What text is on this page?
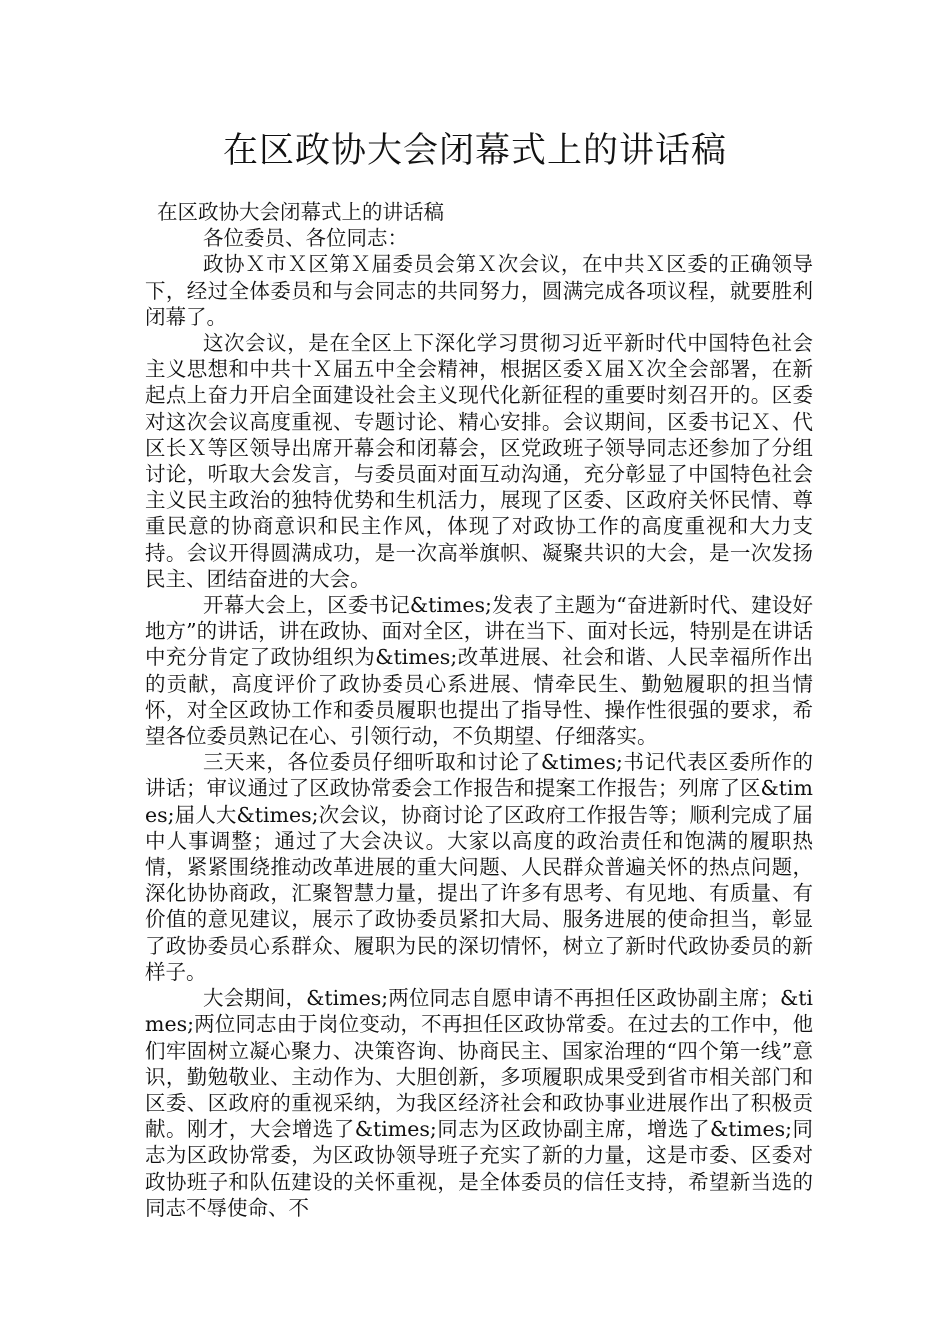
在区政协大会闭幕式上的讲话稿

在区政协大会闭幕式上的讲话稿

各位委员、各位同志：

政协Ｘ市Ｘ区第Ｘ届委员会第Ｘ次会议，在中共Ｘ区委的正确领导下，经过全体委员和与会同志的共同努力，圆满完成各项议程，就要胜利闭幕了。

这次会议，是在全区上下深化学习贯彻习近平新时代中国特色社会主义思想和中共十Ｘ届五中全会精神，根据区委Ｘ届Ｘ次全会部署，在新起点上奋力开启全面建设社会主义现代化新征程的重要时刻召开的。区委对这次会议高度重视、专题讨论、精心安排。会议期间，区委书记Ｘ、代区长Ｘ等区领导出席开幕会和闭幕会，区党政班子领导同志还参加了分组讨论，听取大会发言，与委员面对面互动沟通，充分彰显了中国特色社会主义民主政治的独特优势和生机活力，展现了区委、区政府关怀民情、尊重民意的协商意识和民主作风，体现了对政协工作的高度重视和大力支持。会议开得圆满成功，是一次高举旗帜、凝聚共识的大会，是一次发扬民主、团结奋进的大会。

开幕大会上，区委书记&times;发表了主题为“奋进新时代、建设好地方”的讲话，讲在政协、面对全区，讲在当下、面对长远，特别是在讲话中充分肯定了政协组织为&times;改革进展、社会和谐、人民幸福所作出的贡献，高度评价了政协委员心系进展、情牵民生、勤勉履职的担当情怀，对全区政协工作和委员履职也提出了指导性、操作性很强的要求，希望各位委员熟记在心、引领行动，不负期望、仔细落实。

三天来，各位委员仔细听取和讨论了&times;书记代表区委所作的讲话；审议通过了区政协常委会工作报告和提案工作报告；列席了区&times;届人大&times;次会议，协商讨论了区政府工作报告等；顺利完成了届中人事调整；通过了大会决议。大家以高度的政治责任和饱满的履职热情，紧紧围绕推动改革进展的重大问题、人民群众普遍关怀的热点问题，深化协协商政，汇聚智慧力量，提出了许多有思考、有见地、有质量、有价值的意见建议，展示了政协委员紧扣大局、服务进展的使命担当，彰显了政协委员心系群众、履职为民的深切情怀，树立了新时代政协委员的新样子。

大会期间，&times;两位同志自愿申请不再担任区政协副主席；&times;两位同志由于岗位变动，不再担任区政协常委。在过去的工作中，他们牢固树立凝心聚力、决策咨询、协商民主、国家治理的“四个第一线”意识，勤勉敬业、主动作为、大胆创新，多项履职成果受到省市相关部门和区委、区政府的重视采纳，为我区经济社会和政协事业进展作出了积极贡献。刚才，大会增选了&times;同志为区政协副主席，增选了&times;同志为区政协常委，为区政协领导班子充实了新的力量，这是市委、区委对政协班子和队伍建设的关怀重视，是全体委员的信任支持，希望新当选的同志不辱使命、不
